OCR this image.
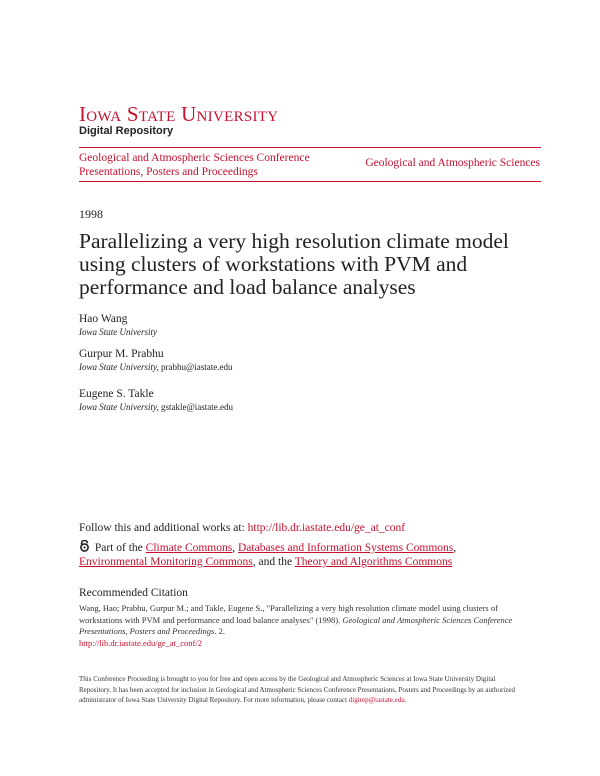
Iowa State University
Digital Repository
Geological and Atmospheric Sciences Conference Presentations, Posters and Proceedings
Geological and Atmospheric Sciences
1998
Parallelizing a very high resolution climate model using clusters of workstations with PVM and performance and load balance analyses
Hao Wang
Iowa State University
Gurpur M. Prabhu
Iowa State University, prabhu@iastate.edu
Eugene S. Takle
Iowa State University, gstakle@iastate.edu
Follow this and additional works at: http://lib.dr.iastate.edu/ge_at_conf
Part of the Climate Commons, Databases and Information Systems Commons, Environmental Monitoring Commons, and the Theory and Algorithms Commons
Recommended Citation
Wang, Hao; Prabhu, Gurpur M.; and Takle, Eugene S., "Parallelizing a very high resolution climate model using clusters of workstations with PVM and performance and load balance analyses" (1998). Geological and Atmospheric Sciences Conference Presentations, Posters and Proceedings. 2.
http://lib.dr.iastate.edu/ge_at_conf/2
This Conference Proceeding is brought to you for free and open access by the Geological and Atmospheric Sciences at Iowa State University Digital Repository. It has been accepted for inclusion in Geological and Atmospheric Sciences Conference Presentations, Posters and Proceedings by an authorized administrator of Iowa State University Digital Repository. For more information, please contact digirep@iastate.edu.
